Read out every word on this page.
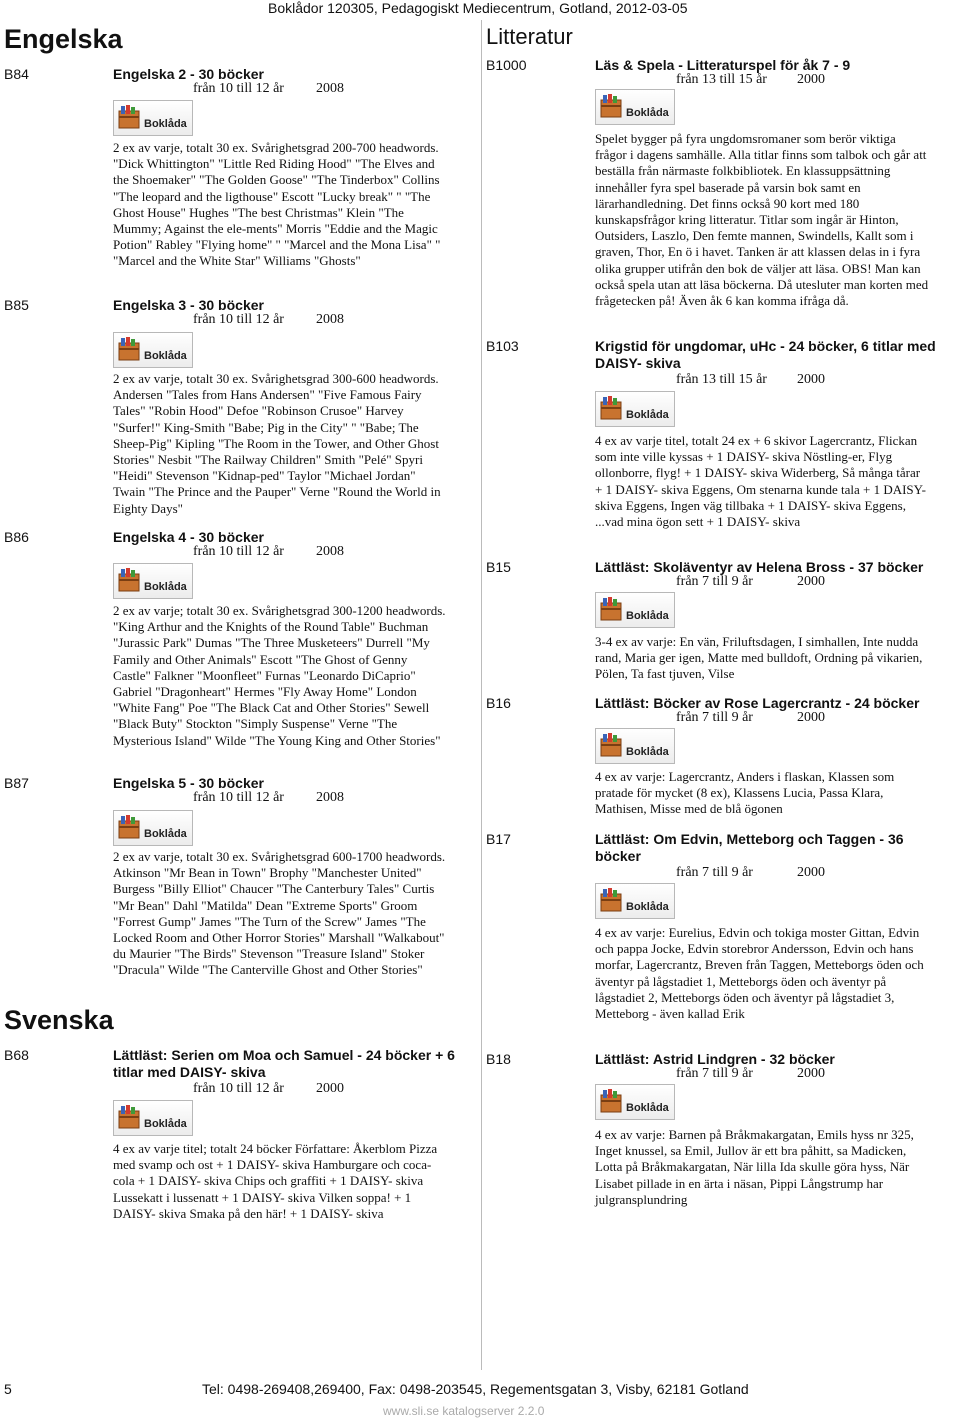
Boklådor 120305, Pedagogiskt Mediecentrum, Gotland, 2012-03-05
Engelska
B84	Engelska 2 - 30 böcker
från 10 till 12 år 2008
Boklåda
2 ex av varje, totalt 30 ex. Svårighetsgrad 200-700 headwords. "Dick Whittington" "Little Red Riding Hood" "The Elves and the Shoemaker" "The Golden Goose" "The Tinderbox" Collins "The leopard and the ligthouse" Escott "Lucky break" " "The Ghost House" Hughes "The best Christmas" Klein "The Mummy; Against the ele-ments" Morris "Eddie and the Magic Potion" Rabley "Flying home" " "Marcel and the Mona Lisa" " "Marcel and the White Star" Williams "Ghosts"
B85	Engelska 3 - 30 böcker
från 10 till 12 år 2008
Boklåda
2 ex av varje, totalt 30 ex. Svårighetsgrad 300-600 headwords. Andersen "Tales from Hans Andersen" "Five Famous Fairy Tales" "Robin Hood" Defoe "Robinson Crusoe" Harvey "Surfer!" King-Smith "Babe; Pig in the City" " "Babe; The Sheep-Pig" Kipling "The Room in the Tower, and Other Ghost Stories" Nesbit "The Railway Children" Smith "Pelé" Spyri "Heidi" Stevenson "Kidnap-ped" Taylor "Michael Jordan" Twain "The Prince and the Pauper" Verne "Round the World in Eighty Days"
B86	Engelska 4 - 30 böcker
från 10 till 12 år 2008
Boklåda
2 ex av varje; totalt 30 ex. Svårighetsgrad 300-1200 headwords. "King Arthur and the Knights of the Round Table" Buchman "Jurassic Park" Dumas "The Three Musketeers" Durrell "My Family and Other Animals" Escott "The Ghost of Genny Castle" Falkner "Moonfleet" Furnas "Leonardo DiCaprio" Gabriel "Dragonheart" Hermes "Fly Away Home" London "White Fang" Poe "The Black Cat and Other Stories" Sewell "Black Buty" Stockton "Simply Suspense" Verne "The Mysterious Island" Wilde "The Young King and Other Stories"
B87	Engelska 5 - 30 böcker
från 10 till 12 år 2008
Boklåda
2 ex av varje, totalt 30 ex. Svårighetsgrad 600-1700 headwords. Atkinson "Mr Bean in Town" Brophy "Manchester United" Burgess "Billy Elliot" Chaucer "The Canterbury Tales" Curtis "Mr Bean" Dahl "Matilda" Dean "Extreme Sports" Groom "Forrest Gump" James "The Turn of the Screw" James "The Locked Room and Other Horror Stories" Marshall "Walkabout" du Maurier "The Birds" Stevenson "Treasure Island" Stoker "Dracula" Wilde "The Canterville Ghost and Other Stories"
Svenska
B68	Lättläst: Serien om Moa och Samuel - 24 böcker + 6 titlar med DAISY- skiva
från 10 till 12 år 2000
Boklåda
4 ex av varje titel; totalt 24 böcker Författare: Åkerblom Pizza med svamp och ost + 1 DAISY- skiva Hamburgare och coca-cola + 1 DAISY- skiva Chips och graffiti + 1 DAISY- skiva Lussekatt i lussenatt + 1 DAISY- skiva Vilken soppa! + 1 DAISY- skiva Smaka på den här! + 1 DAISY- skiva
Litteratur
B1000	Läs & Spela - Litteraturspel för åk 7 - 9
från 13 till 15 år 2000
Boklåda
Spelet bygger på fyra ungdomsromaner som berör viktiga frågor i dagens samhälle. Alla titlar finns som talbok och går att beställa från närmaste folkbibliotek. En klassuppsättning innehåller fyra spel baserade på varsin bok samt en lärarhandledning. Det finns också 90 kort med 180 kunskapsfrågor kring litteratur. Titlar som ingår är Hinton, Outsiders, Laszlo, Den femte mannen, Swindells, Kallt som i graven, Thor, En ö i havet. Tanken är att klassen delas in i fyra olika grupper utifrån den bok de väljer att läsa. OBS! Man kan också spela utan att läsa böckerna. Då utesluter man korten med frågetecken på! Även åk 6 kan komma ifråga då.
B103	Krigstid för ungdomar, uHc - 24 böcker, 6 titlar med DAISY- skiva
från 13 till 15 år 2000
Boklåda
4 ex av varje titel, totalt 24 ex + 6 skivor Lagercrantz, Flickan som inte ville kyssas + 1 DAISY- skiva Nöstling-er, Flyg ollonborre, flyg! + 1 DAISY- skiva Widerberg, Så många tårar + 1 DAISY- skiva Eggens, Om stenarna kunde tala + 1 DAISY- skiva Eggens, Ingen väg tillbaka + 1 DAISY- skiva Eggens, ...vad mina ögon sett + 1 DAISY- skiva
B15	Lättläst: Skoläventyr av Helena Bross - 37 böcker
från 7 till 9 år	2000
Boklåda
3-4 ex av varje: En vän, Friluftsdagen, I simhallen, Inte nudda rand, Maria ger igen, Matte med bulldoft, Ordning på vikarien, Pölen, Ta fast tjuven, Vilse
B16	Lättläst: Böcker av Rose Lagercrantz - 24 böcker
från 7 till 9 år	2000
Boklåda
4 ex av varje: Lagercrantz, Anders i flaskan, Klassen som pratade för mycket (8 ex), Klassens Lucia, Passa Klara, Mathisen, Misse med de blå ögonen
B17	Lättläst: Om Edvin, Metteborg och Taggen - 36 böcker
från 7 till 9 år	2000
Boklåda
4 ex av varje: Eurelius, Edvin och tokiga moster Gittan, Edvin och pappa Jocke, Edvin storebror Andersson, Edvin och hans morfar, Lagercrantz, Breven från Taggen, Metteborgs öden och äventyr på lågstadiet 1, Metteborgs öden och äventyr på lågstadiet 2, Metteborgs öden och äventyr på lågstadiet 3, Metteborg - även kallad Erik
B18	Lättläst: Astrid Lindgren - 32 böcker
från 7 till 9 år	2000
Boklåda
4 ex av varje: Barnen på Bråkmakargatan, Emils hyss nr 325, Inget knussel, sa Emil, Jullov är ett bra påhitt, sa Madicken, Lotta på Bråkmakargatan, När lilla Ida skulle göra hyss, När Lisabet pillade in en ärta i näsan, Pippi Långstrump har julgransplundring
5	Tel: 0498-269408,269400, Fax: 0498-203545, Regementsgatan 3, Visby, 62181 Gotland
www.sli.se katalogserver 2.2.0
